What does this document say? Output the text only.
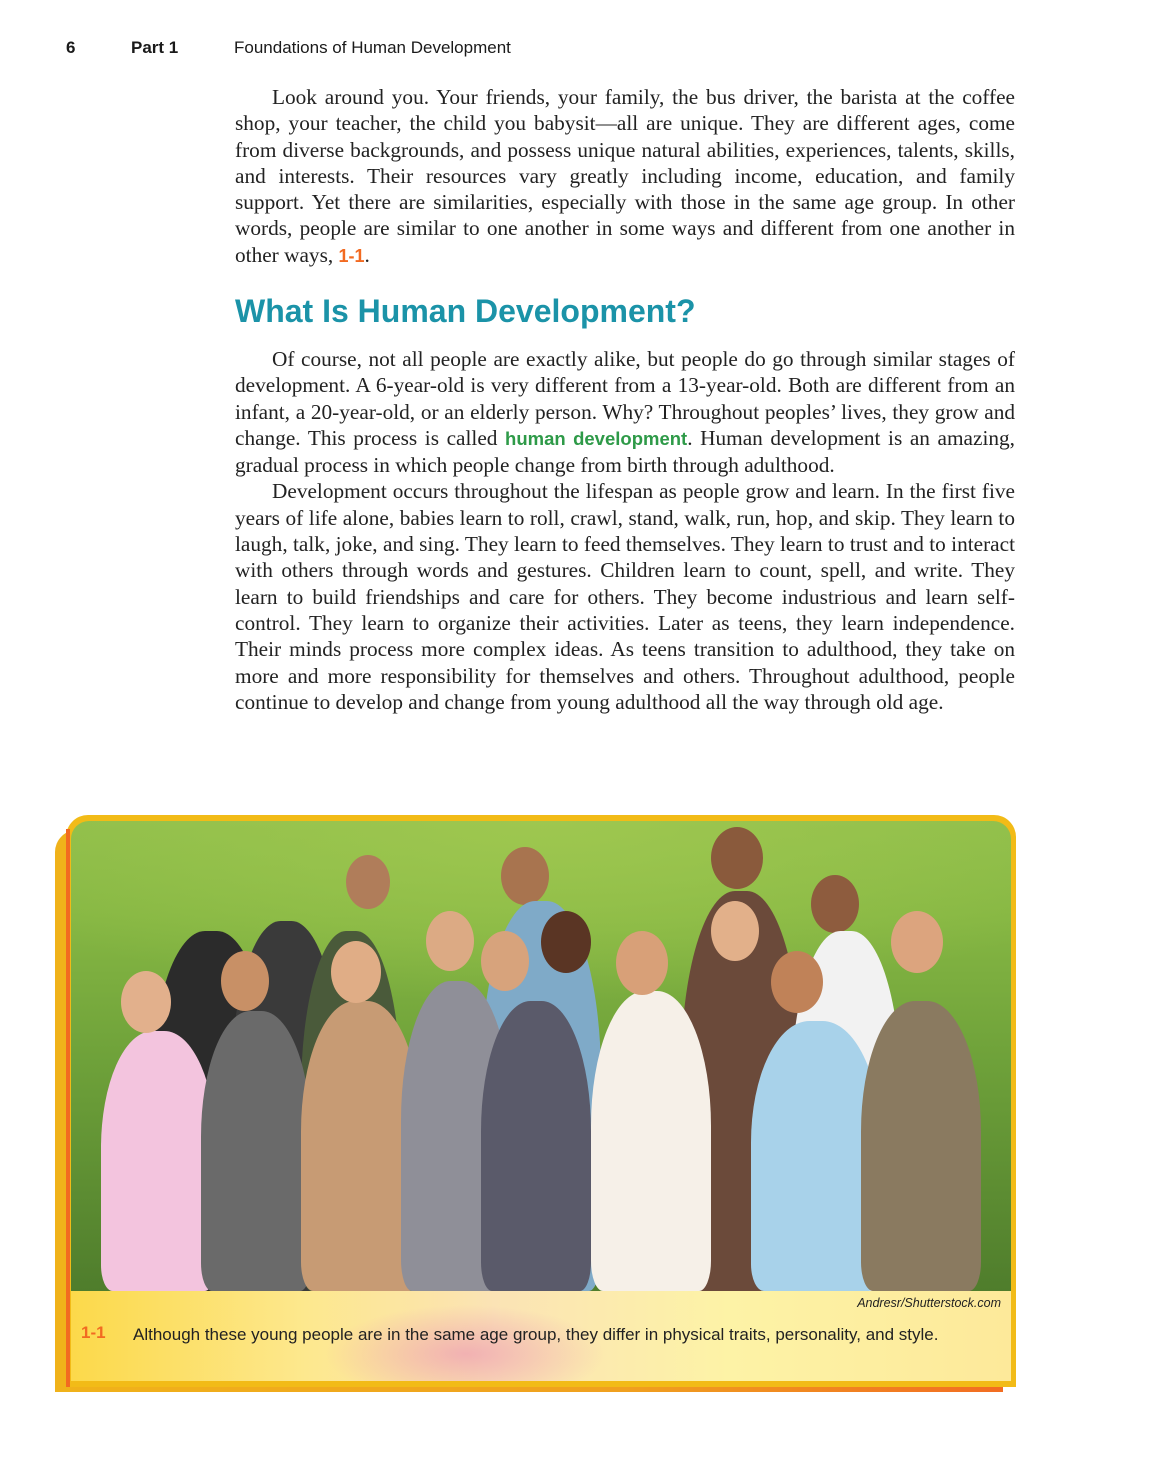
6	Part 1	Foundations of Human Development

Look around you. Your friends, your family, the bus driver, the barista at the coffee shop, your teacher, the child you babysit—all are unique. They are different ages, come from diverse backgrounds, and possess unique natural abilities, experiences, talents, skills, and interests. Their resources vary greatly including income, education, and family support. Yet there are similarities, especially with those in the same age group. In other words, people are similar to one another in some ways and different from one another in other ways, 1-1.

What Is Human Development?

Of course, not all people are exactly alike, but people do go through similar stages of development. A 6-year-old is very different from a 13-year-old. Both are different from an infant, a 20-year-old, or an elderly person. Why? Throughout peoples’ lives, they grow and change. This process is called human development. Human development is an amazing, gradual process in which people change from birth through adulthood.

Development occurs throughout the lifespan as people grow and learn. In the first five years of life alone, babies learn to roll, crawl, stand, walk, run, hop, and skip. They learn to laugh, talk, joke, and sing. They learn to feed themselves. They learn to trust and to interact with others through words and gestures. Children learn to count, spell, and write. They learn to build friendships and care for others. They become industrious and learn self-control. They learn to organize their activities. Later as teens, they learn independence. Their minds process more complex ideas. As teens transition to adulthood, they take on more and more responsibility for themselves and others. Throughout adulthood, people continue to develop and change from young adulthood all the way through old age.

Andresr/Shutterstock.com
1-1 Although these young people are in the same age group, they differ in physical traits, personality, and style.
